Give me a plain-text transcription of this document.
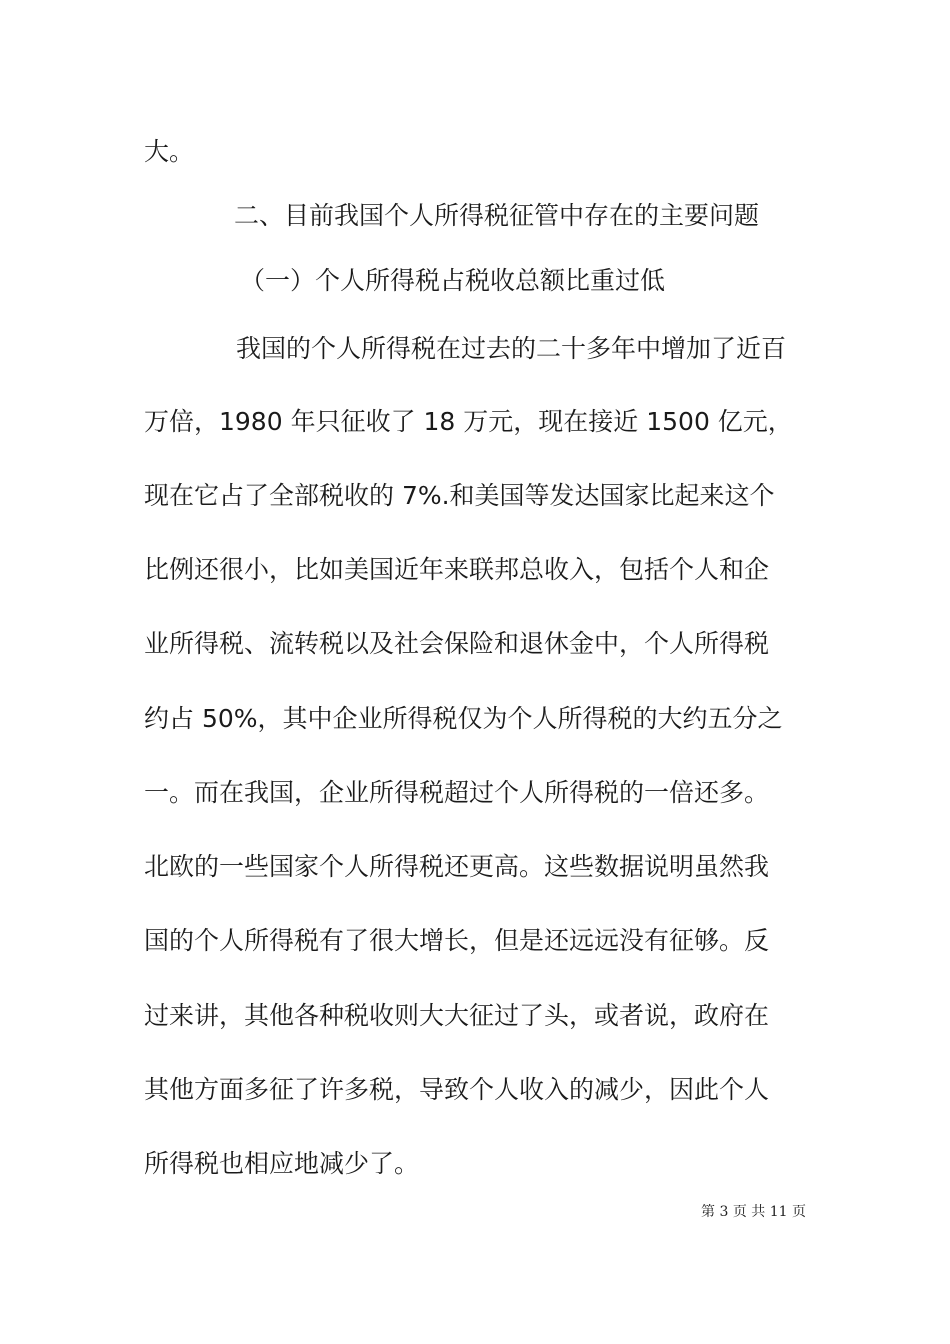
大。
二、目前我国个人所得税征管中存在的主要问题
（一）个人所得税占税收总额比重过低
我国的个人所得税在过去的二十多年中增加了近百
万倍，1980 年只征收了 18 万元，现在接近 1500 亿元，
现在它占了全部税收的 7%.和美国等发达国家比起来这个
比例还很小，比如美国近年来联邦总收入，包括个人和企
业所得税、流转税以及社会保险和退休金中，个人所得税
约占 50%，其中企业所得税仅为个人所得税的大约五分之
一。而在我国，企业所得税超过个人所得税的一倍还多。
北欧的一些国家个人所得税还更高。这些数据说明虽然我
国的个人所得税有了很大增长，但是还远远没有征够。反
过来讲，其他各种税收则大大征过了头，或者说，政府在
其他方面多征了许多税，导致个人收入的减少，因此个人
所得税也相应地减少了。
第 3 页 共 11 页
